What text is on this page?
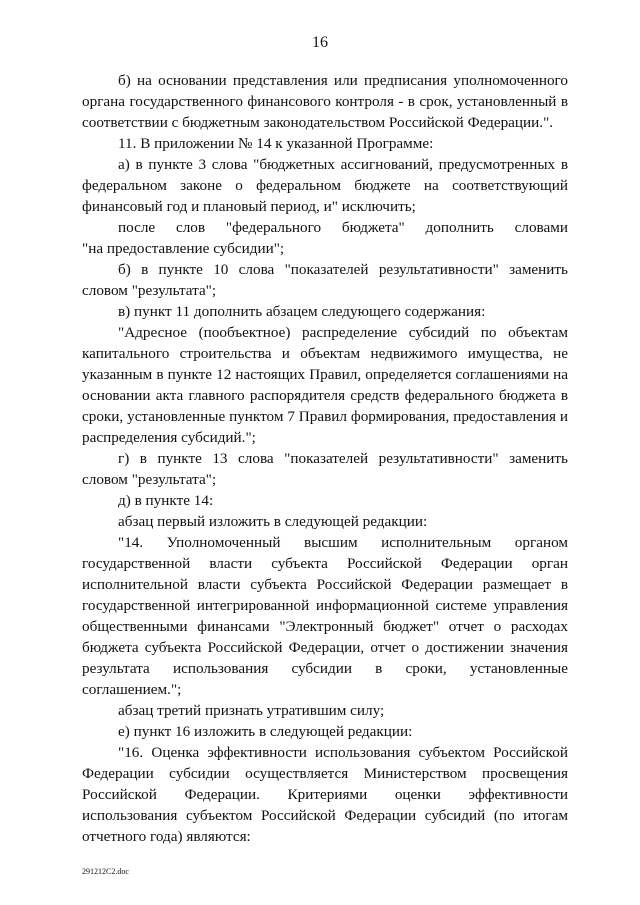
16

б) на основании представления или предписания уполномоченного органа государственного финансового контроля - в срок, установленный в соответствии с бюджетным законодательством Российской Федерации.".

11. В приложении № 14 к указанной Программе:

а) в пункте 3 слова "бюджетных ассигнований, предусмотренных в федеральном законе о федеральном бюджете на соответствующий финансовый год и плановый период, и" исключить;

после слов "федерального бюджета" дополнить словами

"на предоставление субсидии";

б) в пункте 10 слова "показателей результативности" заменить словом "результата";

в) пункт 11 дополнить абзацем следующего содержания:

"Адресное (пообъектное) распределение субсидий по объектам капитального строительства и объектам недвижимого имущества, не указанным в пункте 12 настоящих Правил, определяется соглашениями на основании акта главного распорядителя средств федерального бюджета в сроки, установленные пунктом 7 Правил формирования, предоставления и распределения субсидий.";

г) в пункте 13 слова "показателей результативности" заменить словом "результата";

д) в пункте 14:

абзац первый изложить в следующей редакции:

"14. Уполномоченный высшим исполнительным органом государственной власти субъекта Российской Федерации орган исполнительной власти субъекта Российской Федерации размещает в государственной интегрированной информационной системе управления общественными финансами "Электронный бюджет" отчет о расходах бюджета субъекта Российской Федерации, отчет о достижении значения результата использования субсидии в сроки, установленные соглашением.";

абзац третий признать утратившим силу;

е) пункт 16 изложить в следующей редакции:

"16. Оценка эффективности использования субъектом Российской Федерации субсидии осуществляется Министерством просвещения Российской Федерации. Критериями оценки эффективности использования субъектом Российской Федерации субсидий (по итогам отчетного года) являются:

291212C2.doc
